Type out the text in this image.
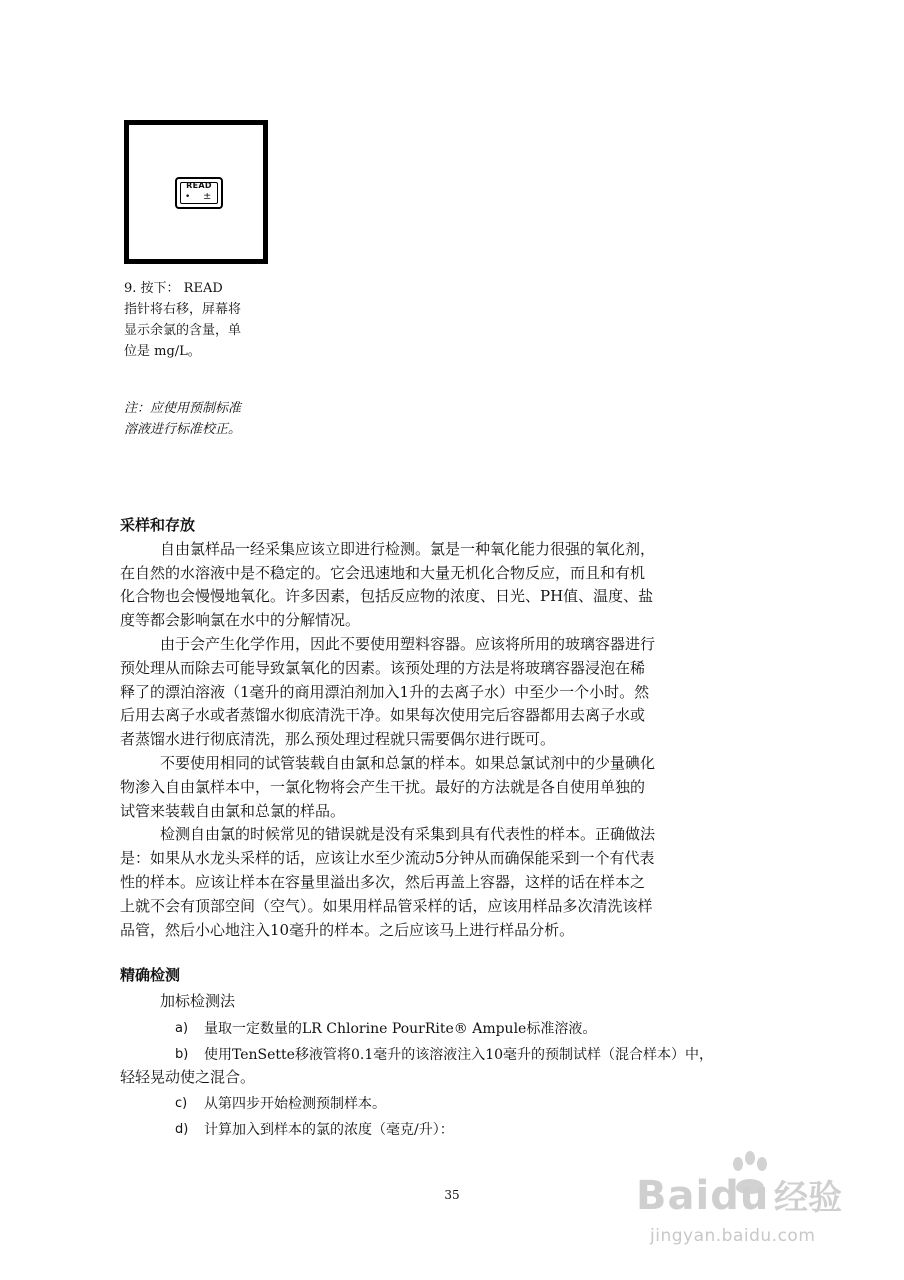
READ
• ±
9. 按下： READ
指针将右移，屏幕将
显示余氯的含量，单
位是 mg/L。
注：应使用预制标准
溶液进行标准校正。
采样和存放
自由氯样品一经采集应该立即进行检测。氯是一种氧化能力很强的氧化剂，
在自然的水溶液中是不稳定的。它会迅速地和大量无机化合物反应，而且和有机
化合物也会慢慢地氧化。许多因素，包括反应物的浓度、日光、PH值、温度、盐
度等都会影响氯在水中的分解情况。
由于会产生化学作用，因此不要使用塑料容器。应该将所用的玻璃容器进行
预处理从而除去可能导致氯氧化的因素。该预处理的方法是将玻璃容器浸泡在稀
释了的漂泊溶液（1毫升的商用漂泊剂加入1升的去离子水）中至少一个小时。然
后用去离子水或者蒸馏水彻底清洗干净。如果每次使用完后容器都用去离子水或
者蒸馏水进行彻底清洗，那么预处理过程就只需要偶尔进行既可。
不要使用相同的试管装载自由氯和总氯的样本。如果总氯试剂中的少量碘化
物渗入自由氯样本中，一氯化物将会产生干扰。最好的方法就是各自使用单独的
试管来装载自由氯和总氯的样品。
检测自由氯的时候常见的错误就是没有采集到具有代表性的样本。正确做法
是：如果从水龙头采样的话，应该让水至少流动5分钟从而确保能采到一个有代表
性的样本。应该让样本在容量里溢出多次，然后再盖上容器，这样的话在样本之
上就不会有顶部空间（空气）。如果用样品管采样的话，应该用样品多次清洗该样
品管，然后小心地注入10毫升的样本。之后应该马上进行样品分析。
精确检测
加标检测法
a) 量取一定数量的LR Chlorine PourRite® Ampule标准溶液。
b) 使用TenSette移液管将0.1毫升的该溶液注入10毫升的预制试样（混合样本）中，
轻轻晃动使之混合。
c) 从第四步开始检测预制样本。
d) 计算加入到样本的氯的浓度（毫克/升）：
35	Baidu 经验
jingyan.baidu.com
